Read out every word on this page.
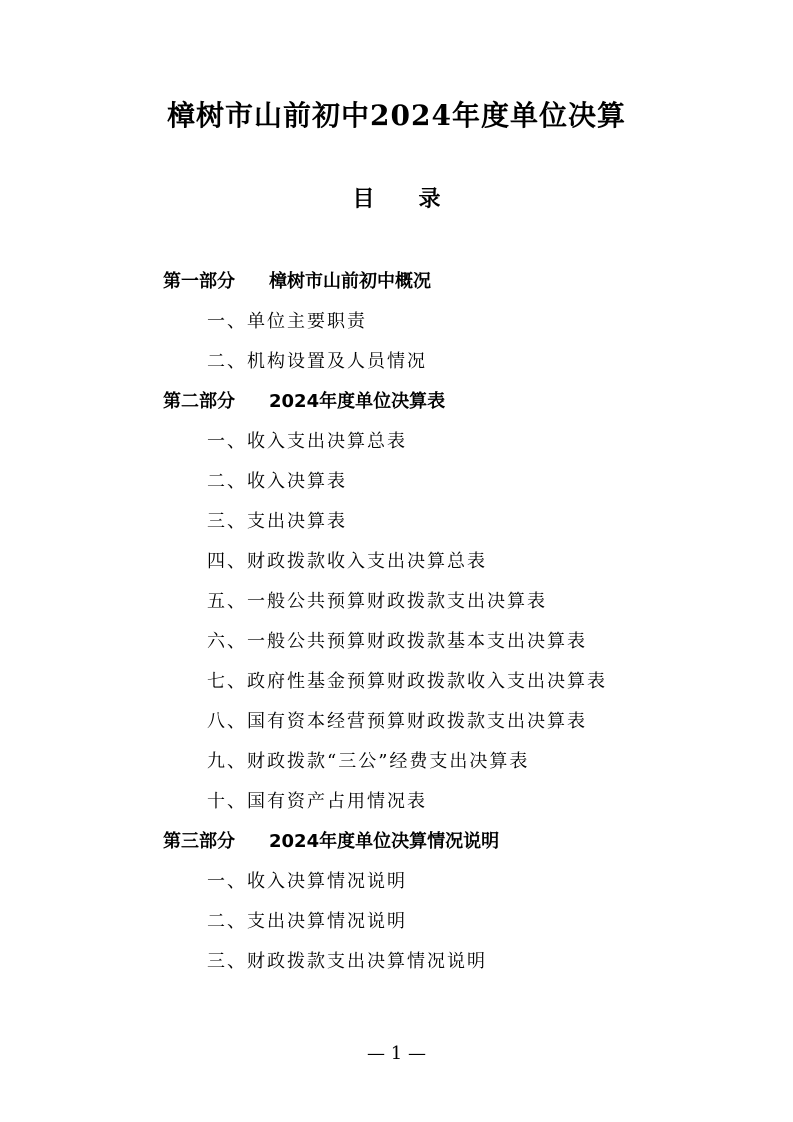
樟树市山前初中2024年度单位决算
目 录
第一部分 樟树市山前初中概况
一、单位主要职责
二、机构设置及人员情况
第二部分 2024年度单位决算表
一、收入支出决算总表
二、收入决算表
三、支出决算表
四、财政拨款收入支出决算总表
五、一般公共预算财政拨款支出决算表
六、一般公共预算财政拨款基本支出决算表
七、政府性基金预算财政拨款收入支出决算表
八、国有资本经营预算财政拨款支出决算表
九、财政拨款“三公”经费支出决算表
十、国有资产占用情况表
第三部分 2024年度单位决算情况说明
一、收入决算情况说明
二、支出决算情况说明
三、财政拨款支出决算情况说明
— 1 —
